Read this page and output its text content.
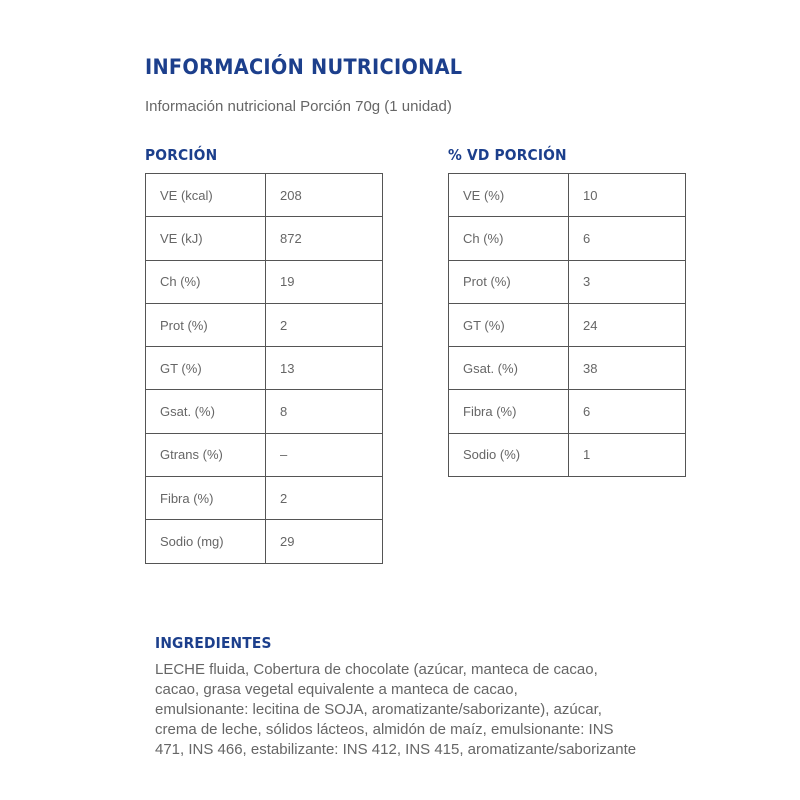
INFORMACIÓN NUTRICIONAL
Información nutricional Porción 70g (1 unidad)
PORCIÓN
VE (kcal)	208
VE (kJ)	872
Ch (%)	19
Prot (%)	2
GT (%)	13
Gsat. (%)	8
Gtrans (%)	–
Fibra (%)	2
Sodio (mg)	29
% VD PORCIÓN
VE (%)	10
Ch (%)	6
Prot (%)	3
GT (%)	24
Gsat. (%)	38
Fibra (%)	6
Sodio (%)	1
INGREDIENTES
LECHE fluida, Cobertura de chocolate (azúcar, manteca de cacao,
cacao, grasa vegetal equivalente a manteca de cacao,
emulsionante: lecitina de SOJA, aromatizante/saborizante), azúcar,
crema de leche, sólidos lácteos, almidón de maíz, emulsionante: INS
471, INS 466, estabilizante: INS 412, INS 415, aromatizante/saborizante
